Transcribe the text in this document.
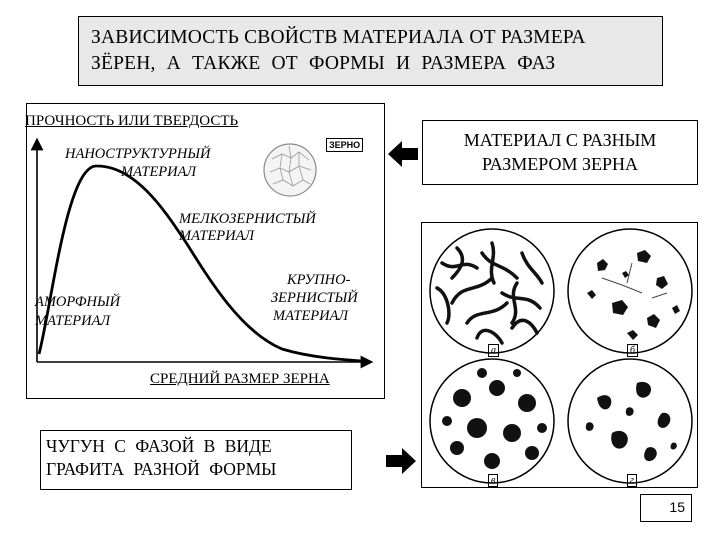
ЗАВИСИМОСТЬ СВОЙСТВ МАТЕРИАЛА ОТ РАЗМЕРА
ЗЁРЕН, А ТАКЖЕ ОТ ФОРМЫ И РАЗМЕРА ФАЗ
ПРОЧНОСТЬ ИЛИ ТВЕРДОСТЬ
ЗЕРНО
НАНОСТРУКТУРНЫЙ
МАТЕРИАЛ
МЕЛКОЗЕРНИСТЫЙ
МАТЕРИАЛ
КРУПНО-
ЗЕРНИСТЫЙ
МАТЕРИАЛ
АМОРФНЫЙ
МАТЕРИАЛ
СРЕДНИЙ РАЗМЕР ЗЕРНА
МАТЕРИАЛ С РАЗНЫМ
РАЗМЕРОМ ЗЕРНА
a	б
в	г
ЧУГУН С ФАЗОЙ В ВИДЕ
ГРАФИТА РАЗНОЙ ФОРМЫ
15
